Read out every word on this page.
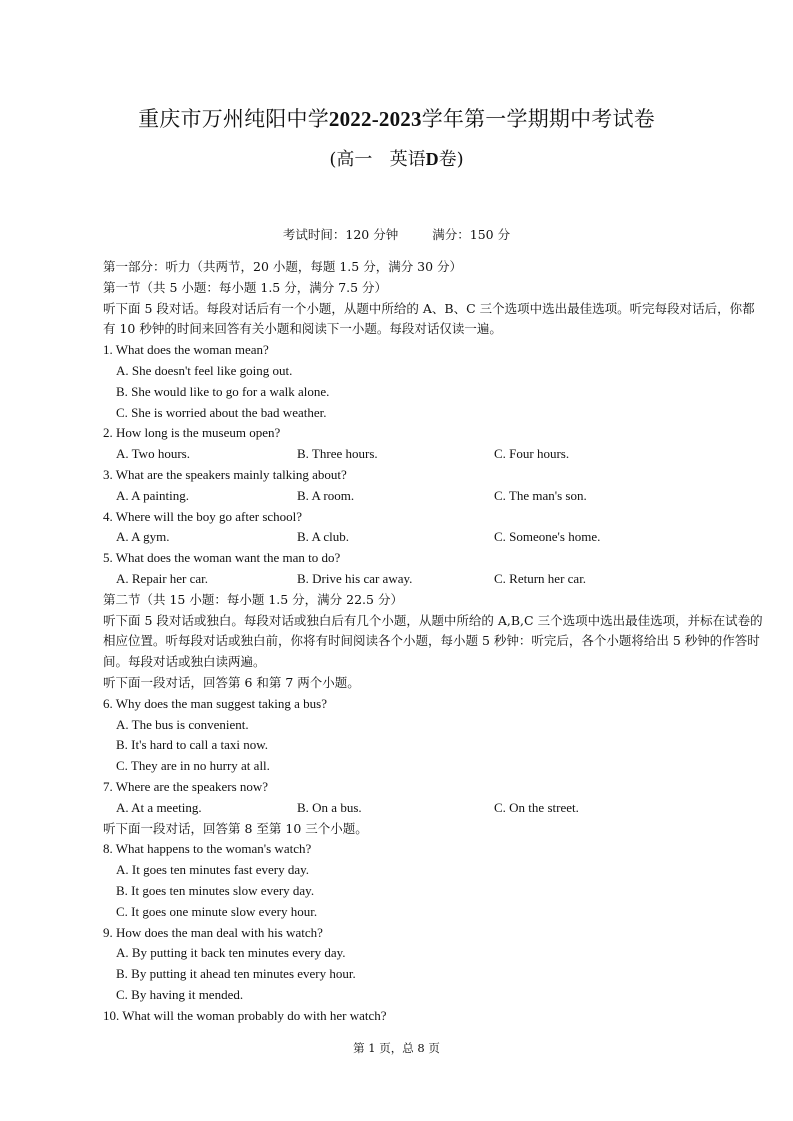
重庆市万州纯阳中学2022-2023学年第一学期期中考试卷
(高一 英语D卷)
考试时间：120 分钟	满分：150 分
第一部分：听力（共两节，20 小题，每题 1.5 分，满分 30 分）
第一节（共 5 小题：每小题 1.5 分，满分 7.5 分）
听下面 5 段对话。每段对话后有一个小题，从题中所给的 A、B、C 三个选项中选出最佳选项。听完每段对话后，你都有 10 秒钟的时间来回答有关小题和阅读下一小题。每段对话仅读一遍。
1. What does the woman mean?
A. She doesn't feel like going out.
B. She would like to go for a walk alone.
C. She is worried about the bad weather.
2. How long is the museum open?
A. Two hours.	B. Three hours.	C. Four hours.
3. What are the speakers mainly talking about?
A. A painting.	B. A room.	C. The man's son.
4. Where will the boy go after school?
A. A gym.	B. A club.	C. Someone's home.
5. What does the woman want the man to do?
A. Repair her car.	B. Drive his car away.	C. Return her car.
第二节（共 15 小题：每小题 1.5 分，满分 22.5 分）
听下面 5 段对话或独白。每段对话或独白后有几个小题，从题中所给的 A,B,C 三个选项中选出最佳选项，并标在试卷的相应位置。听每段对话或独白前，你将有时间阅读各个小题，每小题 5 秒钟：听完后，各个小题将给出 5 秒钟的作答时间。每段对话或独白读两遍。
听下面一段对话，回答第 6 和第 7 两个小题。
6. Why does the man suggest taking a bus?
A. The bus is convenient.
B. It's hard to call a taxi now.
C. They are in no hurry at all.
7. Where are the speakers now?
A. At a meeting.	B. On a bus.	C. On the street.
听下面一段对话，回答第 8 至第 10 三个小题。
8. What happens to the woman's watch?
A. It goes ten minutes fast every day.
B. It goes ten minutes slow every day.
C. It goes one minute slow every hour.
9. How does the man deal with his watch?
A. By putting it back ten minutes every day.
B. By putting it ahead ten minutes every hour.
C. By having it mended.
10. What will the woman probably do with her watch?
第 1 页，总 8 页
